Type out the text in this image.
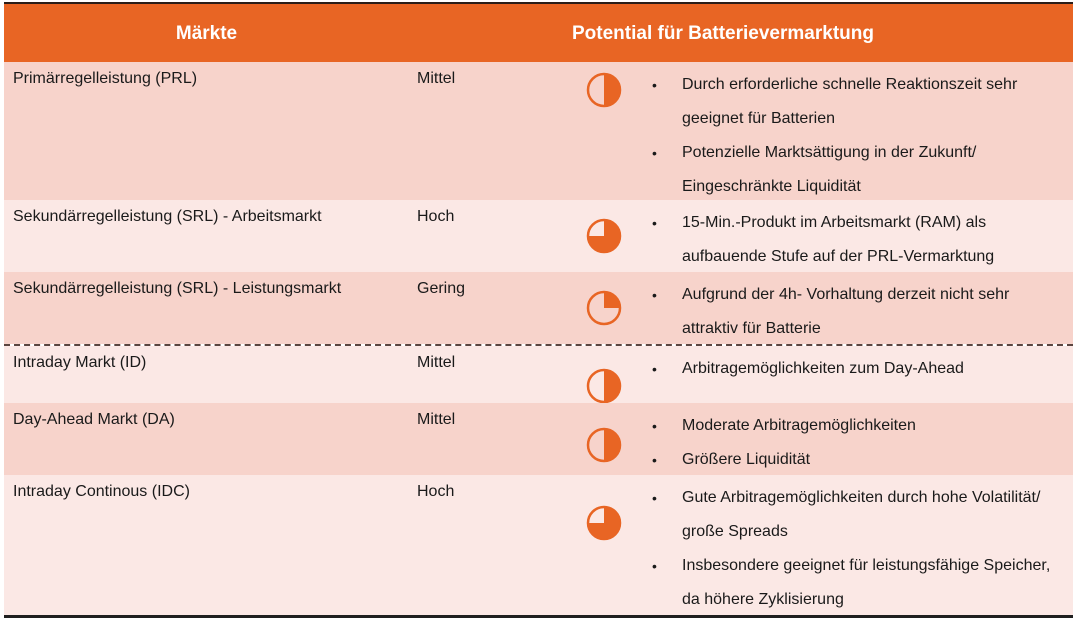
Märkte	Potential für Batterievermarktung
Primärregelleistung (PRL)	Mittel	• Durch erforderliche schnelle Reaktionszeit sehr geeignet für Batterien
• Potenzielle Marktsättigung in der Zukunft/ Eingeschränkte Liquidität
Sekundärregelleistung (SRL) - Arbeitsmarkt	Hoch	• 15-Min.-Produkt im Arbeitsmarkt (RAM) als aufbauende Stufe auf der PRL-Vermarktung
Sekundärregelleistung (SRL) - Leistungsmarkt	Gering	• Aufgrund der 4h- Vorhaltung derzeit nicht sehr attraktiv für Batterie
Intraday Markt (ID)	Mittel	• Arbitragemöglichkeiten zum Day-Ahead
Day-Ahead Markt (DA)	Mittel	• Moderate Arbitragemöglichkeiten
• Größere Liquidität
Intraday Continous (IDC)	Hoch	• Gute Arbitragemöglichkeiten durch hohe Volatilität/ große Spreads
• Insbesondere geeignet für leistungsfähige Speicher, da höhere Zyklisierung
